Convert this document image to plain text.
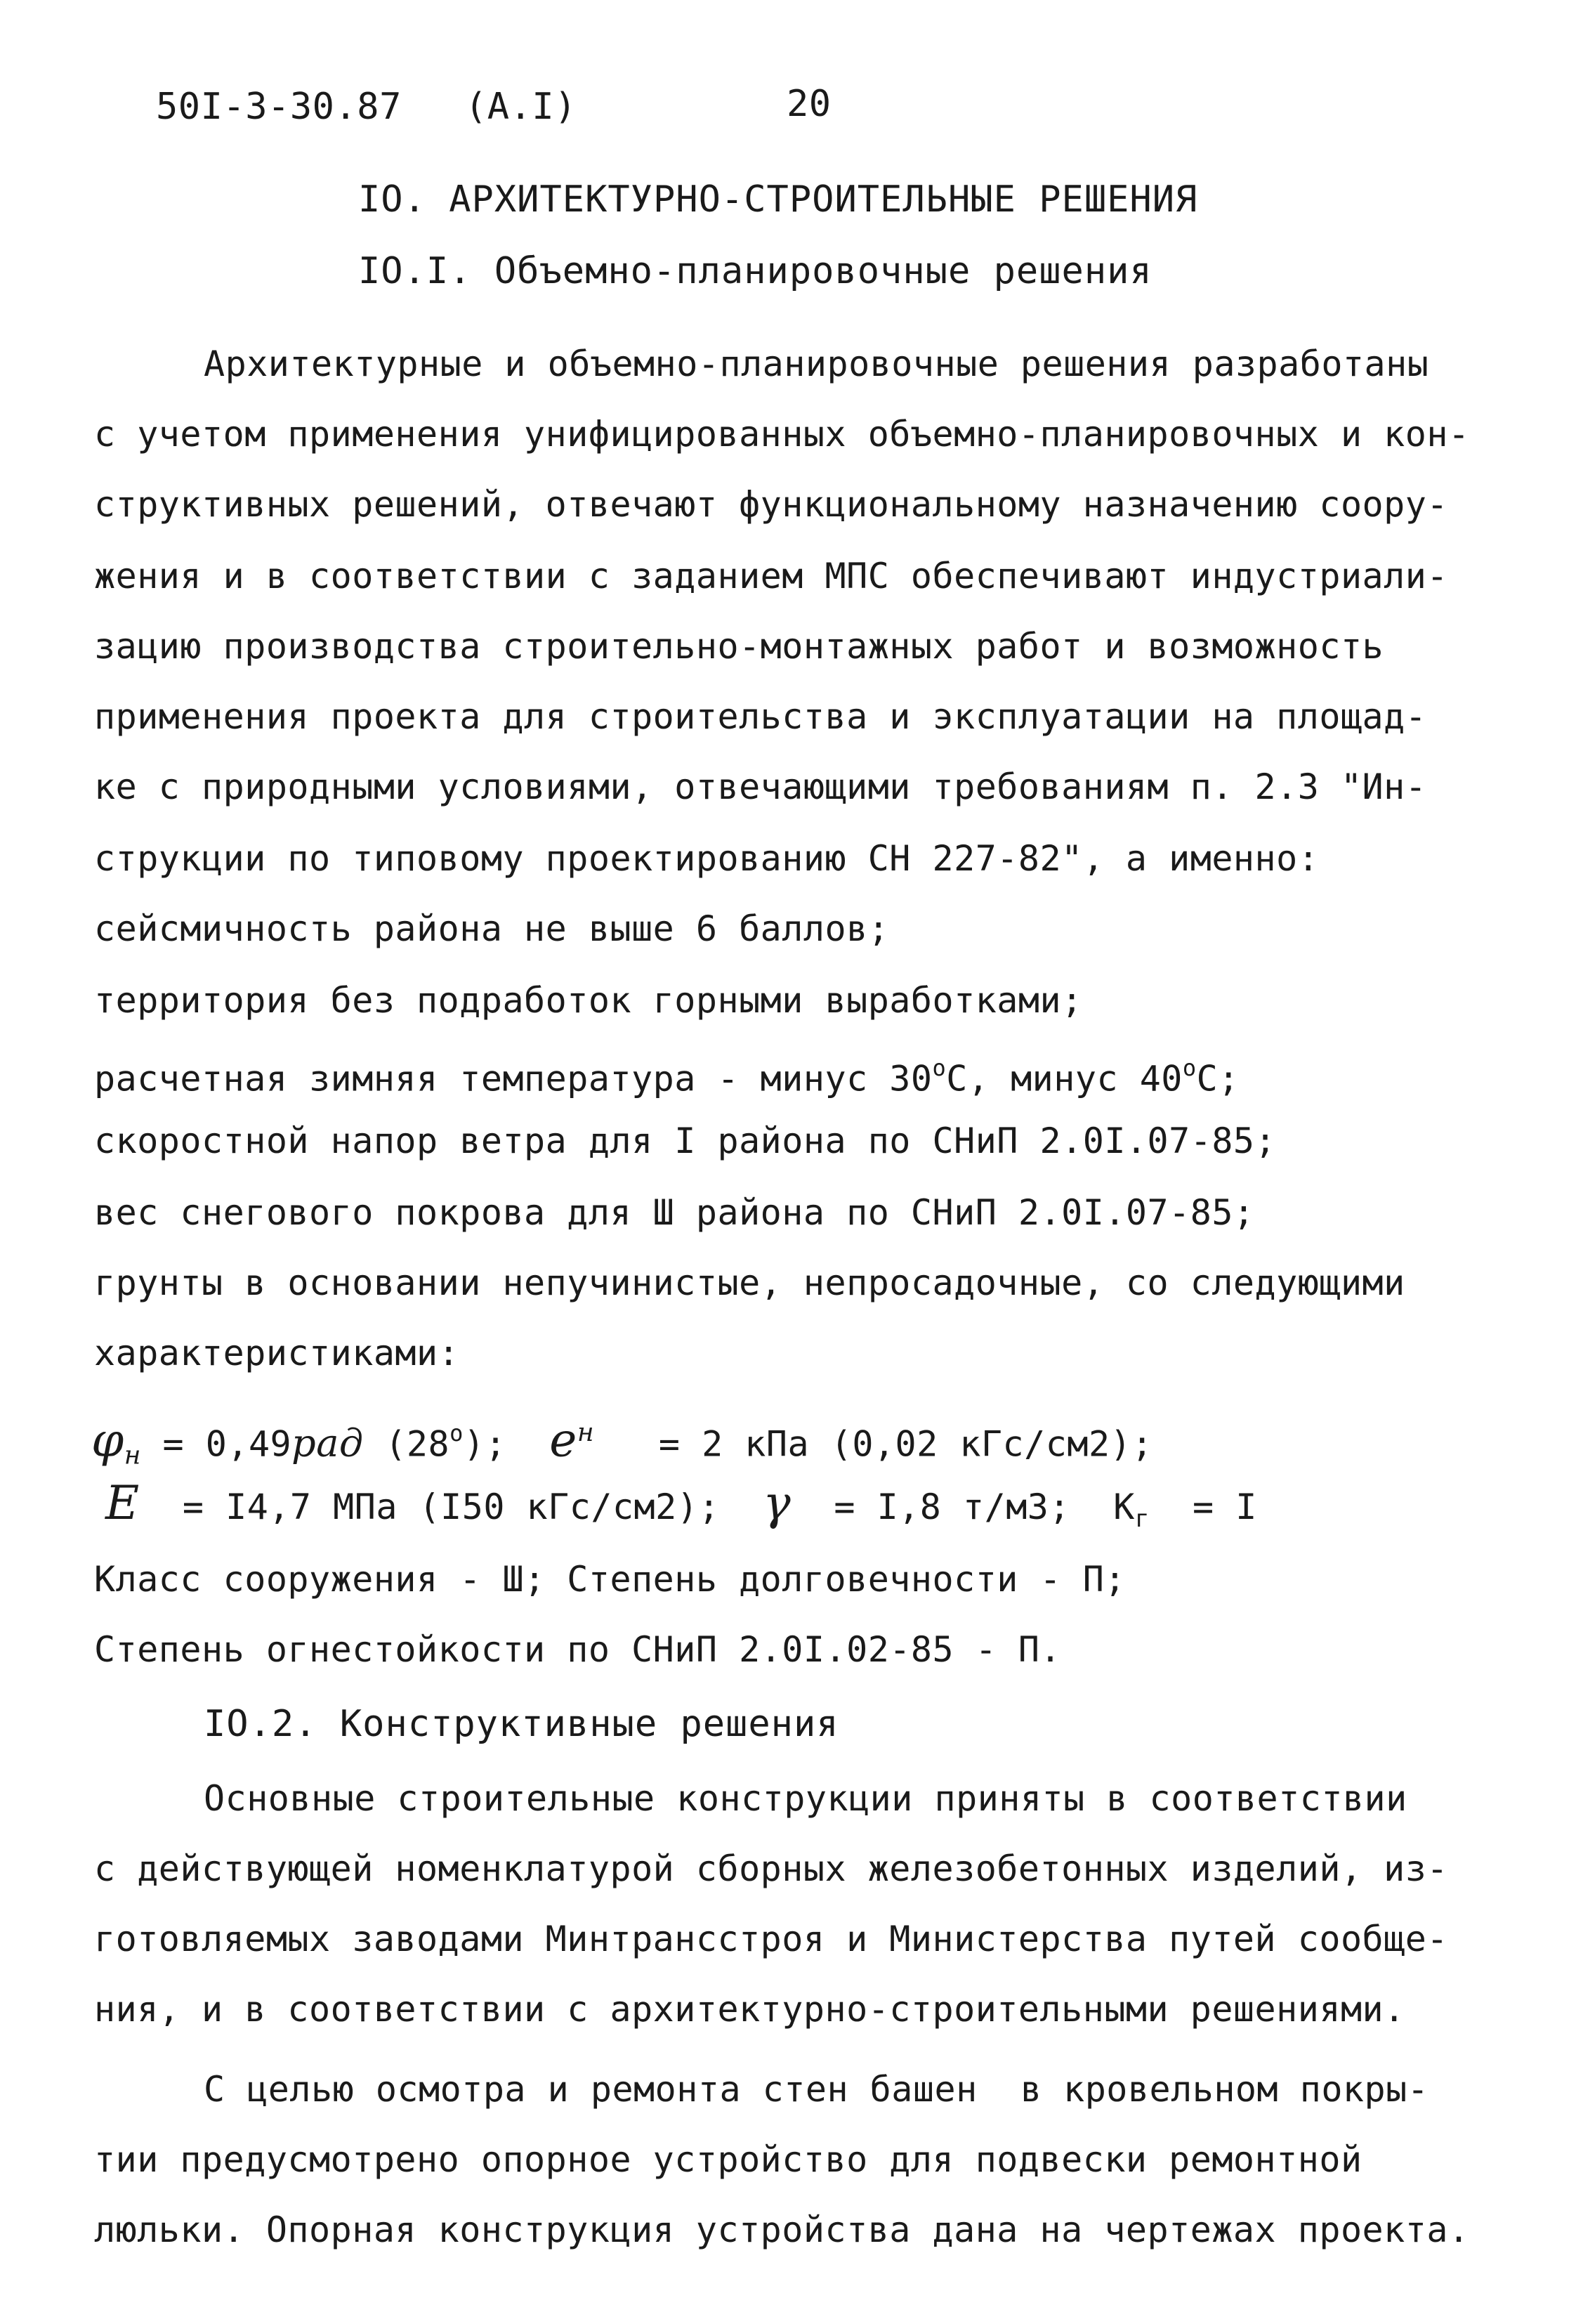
50I-3-30.87 (А.I)	20
IO. АРХИТЕКТУРНО-СТРОИТЕЛЬНЫЕ РЕШЕНИЯ
IO.I. Объемно-планировочные решения
Архитектурные и объемно-планировочные решения разработаны
с учетом применения унифицированных объемно-планировочных и кон-
структивных решений, отвечают функциональному назначению соору-
жения и в соответствии с заданием МПС обеспечивают индустриали-
зацию производства строительно-монтажных работ и возможность
применения проекта для строительства и эксплуатации на площад-
ке с природными условиями, отвечающими требованиям п. 2.3 "Ин-
струкции по типовому проектированию СН 227-82", а именно:
сейсмичность района не выше 6 баллов;
территория без подработок горными выработками;
расчетная зимняя температура - минус 30$^o$C, минус 40$^o$C;
скоростной напор ветра для I района по СНиП 2.0I.07-85;
вес снегового покрова для Ш района по СНиП 2.0I.07-85;
грунты в основании непучинистые, непросадочные, со следующими
характеристиками:
$\varphi_н = 0,49рад$ (28$^o$); $e^н = 2$ кПа (0,02 кГс/см2);
E = I4,7 МПа (I50 кГс/см2); γ = I,8 т/м3; $К_г = I$
Класс сооружения - Ш; Степень долговечности - П;
Степень огнестойкости по СНиП 2.0I.02-85 - П.
IO.2. Конструктивные решения
Основные строительные конструкции приняты в соответствии
с действующей номенклатурой сборных железобетонных изделий, из-
готовляемых заводами Минтрансстроя и Министерства путей сообще-
ния, и в соответствии с архитектурно-строительными решениями.
С целью осмотра и ремонта стен башен  в кровельном покры-
тии предусмотрено опорное устройство для подвески ремонтной
люльки. Опорная конструкция устройства дана на чертежах проекта.
